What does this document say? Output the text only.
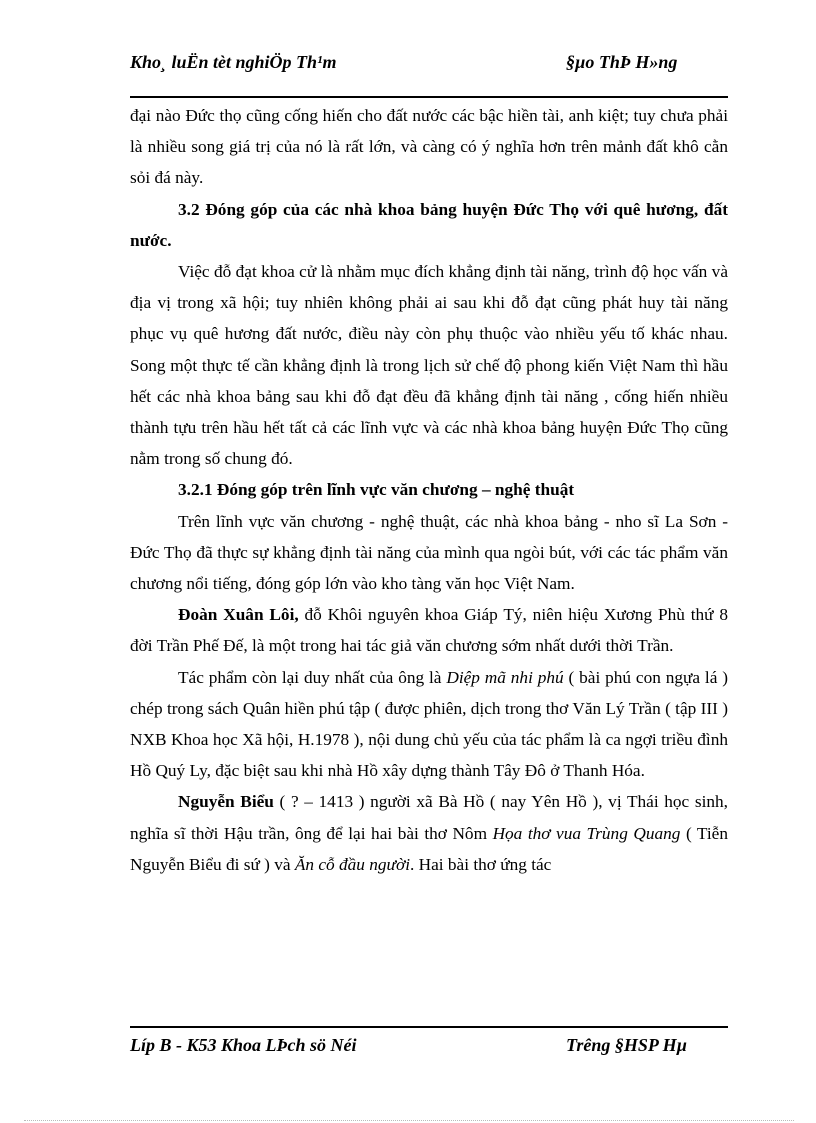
Kho¸ luËn tèt nghiÖp Th¹m	§µo ThÞ H»ng

đại nào Đức thọ cũng cống hiến cho đất nước các bậc hiền tài, anh kiệt; tuy chưa phải là nhiều song giá trị của nó là rất lớn, và càng có ý nghĩa hơn trên mảnh đất khô cằn sỏi đá này.

3.2 Đóng góp của các nhà khoa bảng huyện Đức Thọ với quê hương, đất nước.

Việc đỗ đạt khoa cử là nhằm mục đích khẳng định tài năng, trình độ học vấn và địa vị trong xã hội; tuy nhiên không phải ai sau khi đỗ đạt cũng phát huy tài năng phục vụ quê hương đất nước, điều này còn phụ thuộc vào nhiều yếu tố khác nhau. Song một thực tế cần khẳng định là trong lịch sử chế độ phong kiến Việt Nam thì hầu hết các nhà khoa bảng sau khi đỗ đạt đều đã khẳng định tài năng , cống hiến nhiều thành tựu trên hầu hết tất cả các lĩnh vực và các nhà khoa bảng huyện Đức Thọ cũng nằm trong số chung đó.

3.2.1 Đóng góp trên lĩnh vực văn chương – nghệ thuật

Trên lĩnh vực văn chương - nghệ thuật, các nhà khoa bảng - nho sĩ La Sơn - Đức Thọ đã thực sự khẳng định tài năng của mình qua ngòi bút, với các tác phẩm văn chương nổi tiếng, đóng góp lớn vào kho tàng văn học Việt Nam.

Đoàn Xuân Lôi, đỗ Khôi nguyên khoa Giáp Tý, niên hiệu Xương Phù thứ 8 đời Trần Phế Đế, là một trong hai tác giả văn chương sớm nhất dưới thời Trần.

Tác phẩm còn lại duy nhất của ông là Diệp mã nhi phú ( bài phú con ngựa lá ) chép trong sách Quân hiền phú tập ( được phiên, dịch trong thơ Văn Lý Trần ( tập III ) NXB Khoa học Xã hội, H.1978 ), nội dung chủ yếu của tác phẩm là ca ngợi triều đình Hồ Quý Ly, đặc biệt sau khi nhà Hồ xây dựng thành Tây Đô ở Thanh Hóa.

Nguyễn Biểu ( ? – 1413 ) người xã Bà Hồ ( nay Yên Hồ ), vị Thái học sinh, nghĩa sĩ thời Hậu trần, ông để lại hai bài thơ Nôm Họa thơ vua Trùng Quang ( Tiễn Nguyễn Biểu đi sứ ) và Ăn cỗ đầu người. Hai bài thơ ứng tác

Líp B - K53 Khoa LÞch sö Néi	Trêng §HSP Hµ
